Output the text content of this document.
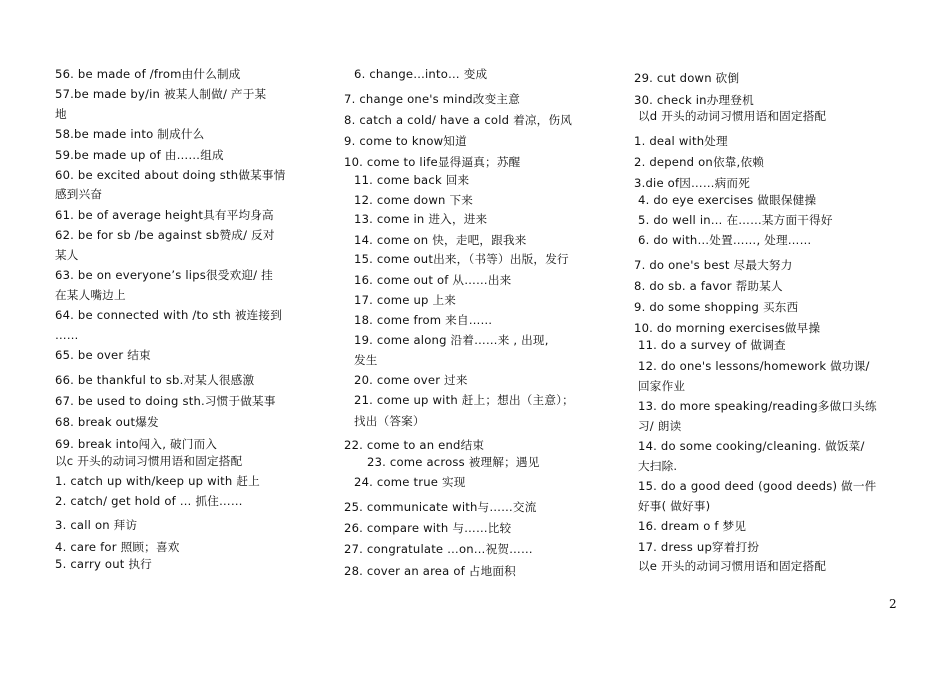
56. be made of /from由什么制成
57.be made by/in 被某人制做/ 产于某
地
58.be made into 制成什么
59.be made up of 由……组成
60. be excited about doing sth做某事情
感到兴奋
61. be of average height具有平均身高
62. be for sb /be against sb赞成/ 反对
某人
63. be on everyone’s lips很受欢迎/ 挂
在某人嘴边上
64. be connected with /to sth 被连接到
……
65. be over 结束
66. be thankful to sb.对某人很感激
67. be used to doing sth.习惯于做某事
68. break out爆发
69. break into闯入, 破门而入
以c 开头的动词习惯用语和固定搭配
1. catch up with/keep up with 赶上
2. catch/ get hold of … 抓住……
3. call on 拜访
4. care for 照顾；喜欢
5. carry out 执行
6. change…into… 变成
7. change one's mind改变主意
8. catch a cold/ have a cold 着凉，伤风
9. come to know知道
10. come to life显得逼真；苏醒
11. come back 回来
12. come down 下来
13. come in 进入，进来
14. come on 快，走吧，跟我来
15. come out出来，（书等）出版，发行
16. come out of 从……出来
17. come up 上来
18. come from 来自……
19. come along 沿着……来 , 出现,
发生
20. come over 过来
21. come up with 赶上；想出（主意）；
找出（答案）
22. come to an end结束
23. come across 被理解；遇见
24. come true 实现
25. communicate with与……交流
26. compare with 与……比较
27. congratulate …on…祝贺……
28. cover an area of 占地面积
29. cut down 砍倒
30. check in办理登机
以d 开头的动词习惯用语和固定搭配
1. deal with处理
2. depend on依靠,依赖
3.die of因……病而死
4. do eye exercises 做眼保健操
5. do well in… 在……某方面干得好
6. do with…处置……, 处理……
7. do one's best 尽最大努力
8. do sb. a favor 帮助某人
9. do some shopping 买东西
10. do morning exercises做早操
11. do a survey of 做调查
12. do one's lessons/homework 做功课/
回家作业
13. do more speaking/reading多做口头练
习/ 朗读
14. do some cooking/cleaning. 做饭菜/
大扫除.
15. do a good deed (good deeds) 做一件
好事( 做好事)
16. dream o f 梦见
17. dress up穿着打扮
以e 开头的动词习惯用语和固定搭配
2
